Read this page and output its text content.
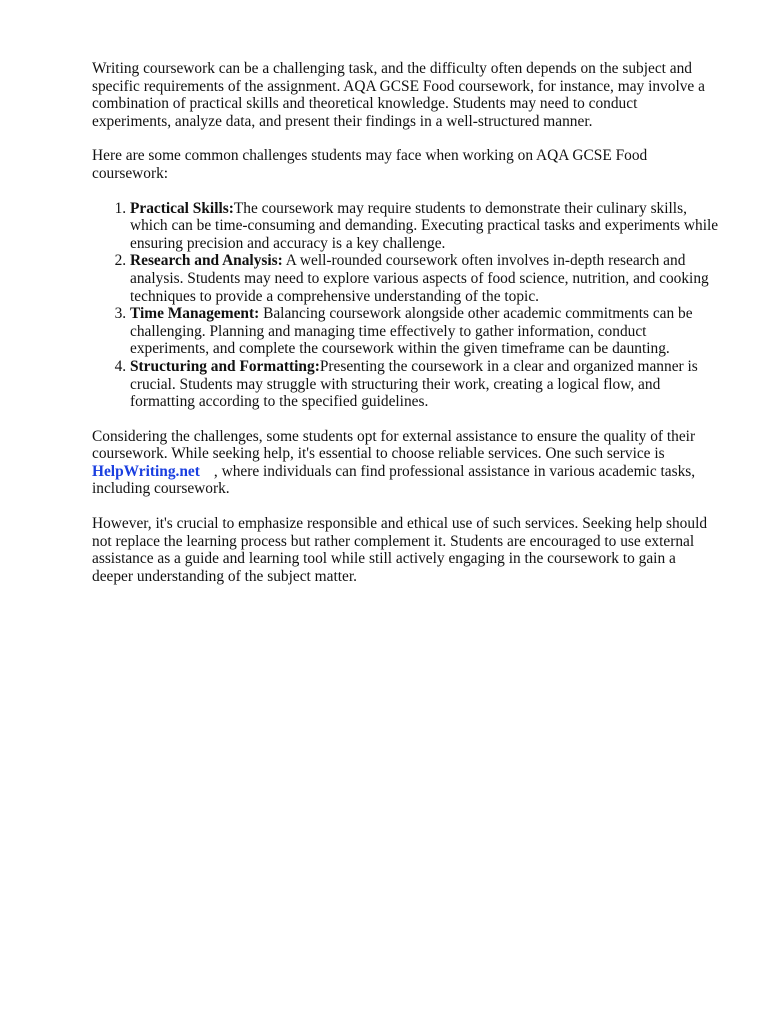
Writing coursework can be a challenging task, and the difficulty often depends on the subject and specific requirements of the assignment. AQA GCSE Food coursework, for instance, may involve a combination of practical skills and theoretical knowledge. Students may need to conduct experiments, analyze data, and present their findings in a well-structured manner.

Here are some common challenges students may face when working on AQA GCSE Food coursework:

1. Practical Skills:The coursework may require students to demonstrate their culinary skills, which can be time-consuming and demanding. Executing practical tasks and experiments while ensuring precision and accuracy is a key challenge.
2. Research and Analysis: A well-rounded coursework often involves in-depth research and analysis. Students may need to explore various aspects of food science, nutrition, and cooking techniques to provide a comprehensive understanding of the topic.
3. Time Management: Balancing coursework alongside other academic commitments can be challenging. Planning and managing time effectively to gather information, conduct experiments, and complete the coursework within the given timeframe can be daunting.
4. Structuring and Formatting:Presenting the coursework in a clear and organized manner is crucial. Students may struggle with structuring their work, creating a logical flow, and formatting according to the specified guidelines.

Considering the challenges, some students opt for external assistance to ensure the quality of their coursework. While seeking help, it's essential to choose reliable services. One such service is HelpWriting.net , where individuals can find professional assistance in various academic tasks, including coursework.

However, it's crucial to emphasize responsible and ethical use of such services. Seeking help should not replace the learning process but rather complement it. Students are encouraged to use external assistance as a guide and learning tool while still actively engaging in the coursework to gain a deeper understanding of the subject matter.
